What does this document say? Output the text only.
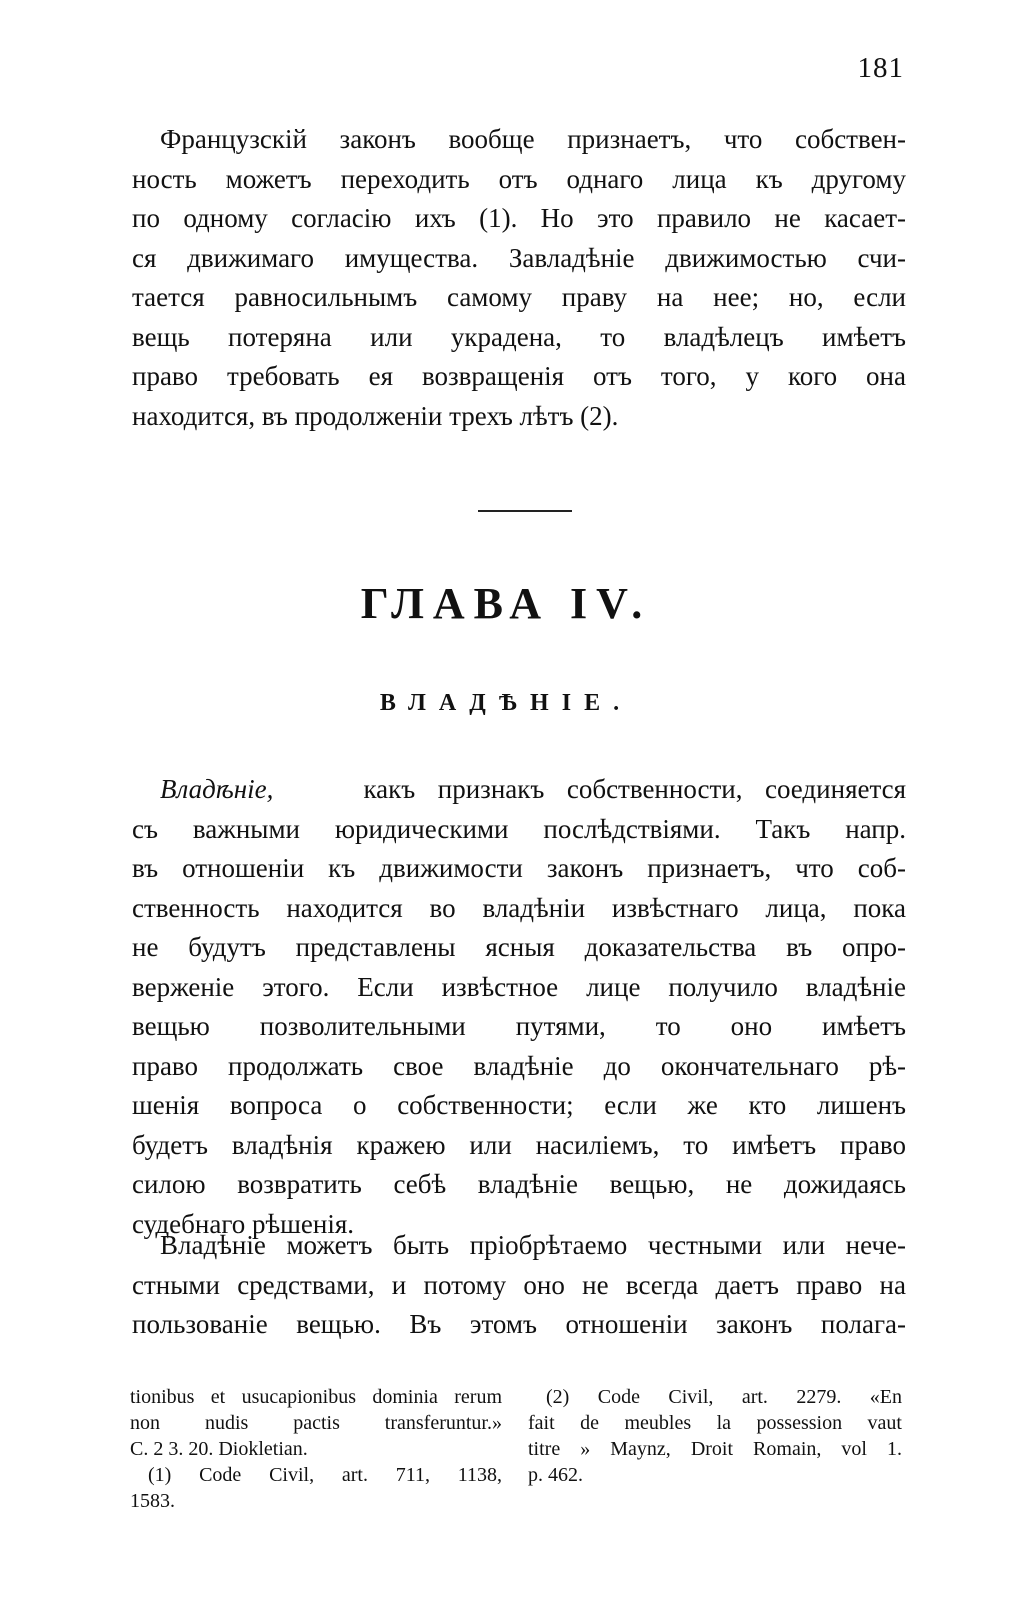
181
Французскій законъ вообще признаетъ, что собствен-
ность можетъ переходить отъ однаго лица къ другому
по одному согласію ихъ (1). Но это правило не касает-
ся движимаго имущества. Завладѣніе движимостью счи-
тается равносильнымъ самому праву на нее; но, если
вещь потеряна или украдена, то владѣлецъ имѣетъ
право требовать ея возвращенія отъ того, у кого она
находится, въ продолженіи трехъ лѣтъ (2).
ГЛАВА IV.
ВЛАДѢНІЕ.
Владѣніе,	какъ признакъ собственности, соединяется
съ важными юридическими послѣдствіями. Такъ напр.
въ отношеніи къ движимости законъ признаетъ, что соб-
ственность находится во владѣніи извѣстнаго лица, пока
не будутъ представлены ясныя доказательства въ опро-
верженіе этого. Если извѣстное лице получило владѣніе
вещью позволительными путями, то оно имѣетъ
право продолжать свое владѣніе до окончательнаго рѣ-
шенія вопроса о собственности; если же кто лишенъ
будетъ владѣнія кражею или насиліемъ, то имѣетъ право
силою возвратить себѣ владѣніе вещью, не дожидаясь
судебнаго рѣшенія.
Владѣніе можетъ быть пріобрѣтаемо честными или нече-
стными средствами, и потому оно не всегда даетъ право на
пользованіе вещью. Въ этомъ отношеніи законъ полага-
tionibus et usucapionibus dominia rerum
non nudis pactis transferuntur.»
C. 2 3. 20. Diokletian.
(1) Code Civil, art. 711, 1138,
1583.
(2) Code Civil, art. 2279. «En
fait de meubles la possession vaut
titre » Maynz, Droit Romain, vol 1.
p. 462.
